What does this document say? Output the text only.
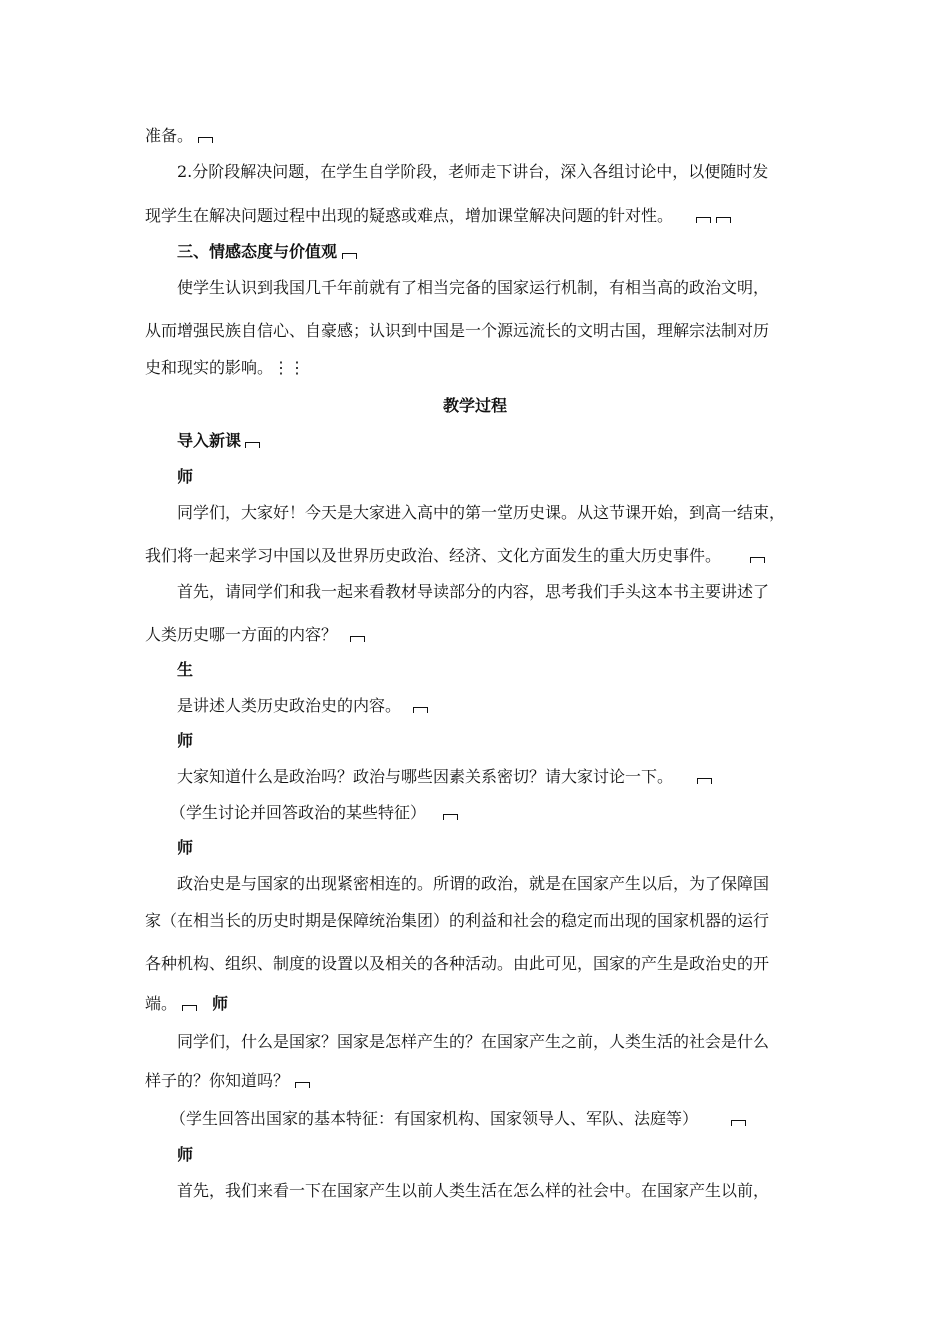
准备。
2.分阶段解决问题，在学生自学阶段，老师走下讲台，深入各组讨论中，以便随时发
现学生在解决问题过程中出现的疑惑或难点，增加课堂解决问题的针对性。
三、情感态度与价值观
使学生认识到我国几千年前就有了相当完备的国家运行机制，有相当高的政治文明，
从而增强民族自信心、自豪感；认识到中国是一个源远流长的文明古国，理解宗法制对历
史和现实的影响。⋮⋮
教学过程
导入新课
师
同学们，大家好！今天是大家进入高中的第一堂历史课。从这节课开始，到高一结束，
我们将一起来学习中国以及世界历史政治、经济、文化方面发生的重大历史事件。
首先，请同学们和我一起来看教材导读部分的内容，思考我们手头这本书主要讲述了
人类历史哪一方面的内容？
生
是讲述人类历史政治史的内容。
师
大家知道什么是政治吗？政治与哪些因素关系密切？请大家讨论一下。
（学生讨论并回答政治的某些特征）
师
政治史是与国家的出现紧密相连的。所谓的政治，就是在国家产生以后，为了保障国
家（在相当长的历史时期是保障统治集团）的利益和社会的稳定而出现的国家机器的运行
各种机构、组织、制度的设置以及相关的各种活动。由此可见，国家的产生是政治史的开
端。 师
同学们，什么是国家？国家是怎样产生的？在国家产生之前，人类生活的社会是什么
样子的？你知道吗？
（学生回答出国家的基本特征：有国家机构、国家领导人、军队、法庭等）
师
首先，我们来看一下在国家产生以前人类生活在怎么样的社会中。在国家产生以前，
